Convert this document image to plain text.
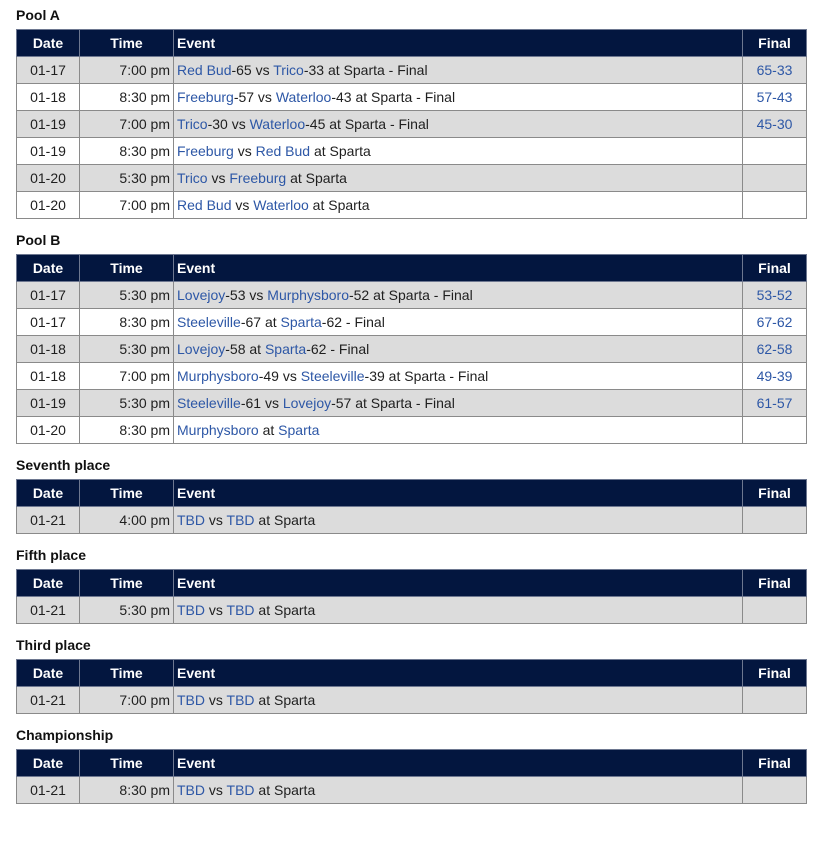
Pool A
Date	Time	Event	Final
01-17	7:00 pm	Red Bud-65 vs Trico-33 at Sparta - Final	65-33
01-18	8:30 pm	Freeburg-57 vs Waterloo-43 at Sparta - Final	57-43
01-19	7:00 pm	Trico-30 vs Waterloo-45 at Sparta - Final	45-30
01-19	8:30 pm	Freeburg vs Red Bud at Sparta	
01-20	5:30 pm	Trico vs Freeburg at Sparta	
01-20	7:00 pm	Red Bud vs Waterloo at Sparta	
Pool B
Date	Time	Event	Final
01-17	5:30 pm	Lovejoy-53 vs Murphysboro-52 at Sparta - Final	53-52
01-17	8:30 pm	Steeleville-67 at Sparta-62 - Final	67-62
01-18	5:30 pm	Lovejoy-58 at Sparta-62 - Final	62-58
01-18	7:00 pm	Murphysboro-49 vs Steeleville-39 at Sparta - Final	49-39
01-19	5:30 pm	Steeleville-61 vs Lovejoy-57 at Sparta - Final	61-57
01-20	8:30 pm	Murphysboro at Sparta	
Seventh place
Date	Time	Event	Final
01-21	4:00 pm	TBD vs TBD at Sparta	
Fifth place
Date	Time	Event	Final
01-21	5:30 pm	TBD vs TBD at Sparta	
Third place
Date	Time	Event	Final
01-21	7:00 pm	TBD vs TBD at Sparta	
Championship
Date	Time	Event	Final
01-21	8:30 pm	TBD vs TBD at Sparta	
